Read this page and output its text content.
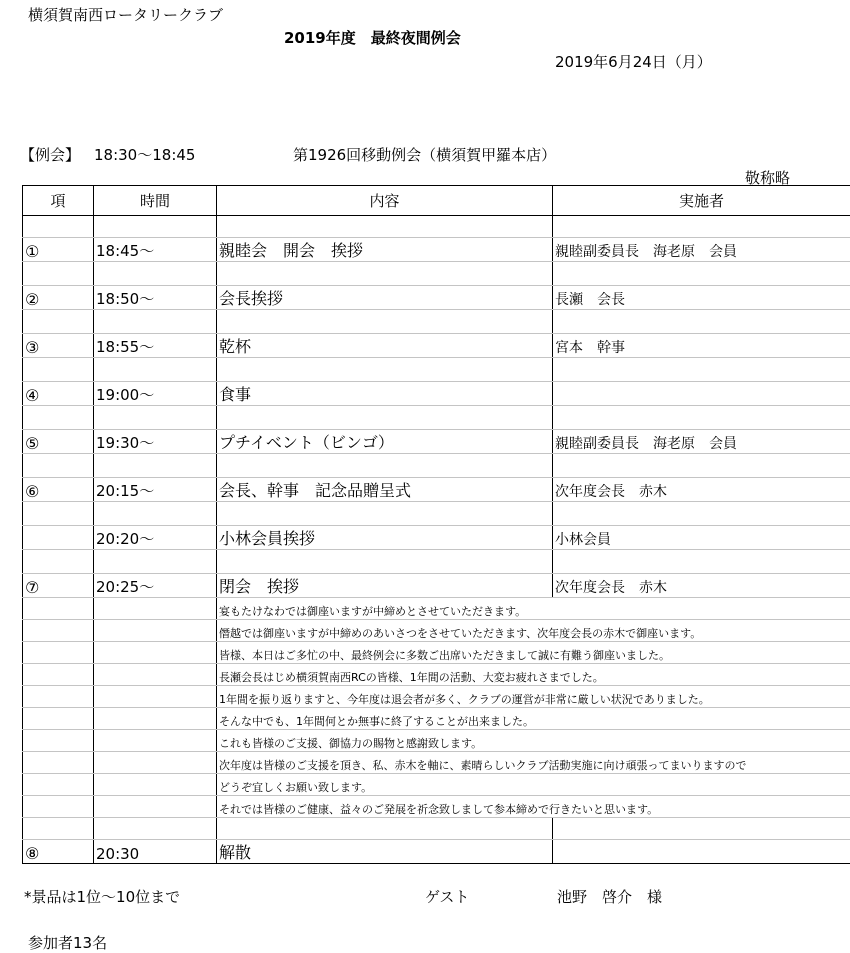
横須賀南西ロータリークラブ
2019年度　最終夜間例会
2019年6月24日（月）
【例会】 18:30～18:45	第1926回移動例会（横須賀甲羅本店）
敬称略
項	時間	内容	実施者

①	18:45～	親睦会　開会　挨拶	親睦副委員長　海老原　会員

②	18:50～	会長挨拶	長瀬　会長

③	18:55～	乾杯	宮本　幹事

④	19:00～	食事	

⑤	19:30～	プチイベント（ビンゴ）	親睦副委員長　海老原　会員

⑥	20:15～	会長、幹事　記念品贈呈式	次年度会長　赤木

	20:20～	小林会員挨拶	小林会員

⑦	20:25～	閉会　挨拶	次年度会長　赤木
		宴もたけなわでは御座いますが中締めとさせていただきます。	
		僭越では御座いますが中締めのあいさつをさせていただきます、次年度会長の赤木で御座います。	
		皆様、本日はご多忙の中、最終例会に多数ご出席いただきまして誠に有難う御座いました。	
		長瀬会長はじめ横須賀南西RCの皆様、1年間の活動、大変お疲れさまでした。	
		1年間を振り返りますと、今年度は退会者が多く、クラブの運営が非常に厳しい状況でありました。	
		そんな中でも、1年間何とか無事に終了することが出来ました。	
		これも皆様のご支援、御協力の賜物と感謝致します。	
		次年度は皆様のご支援を頂き、私、赤木を軸に、素晴らしいクラブ活動実施に向け頑張ってまいりますので	
		どうぞ宜しくお願い致します。	
		それでは皆様のご健康、益々のご発展を祈念致しまして参本締めで行きたいと思います。	

⑧	20:30	解散	
*景品は1位～10位まで	ゲスト	池野　啓介　様
参加者13名
